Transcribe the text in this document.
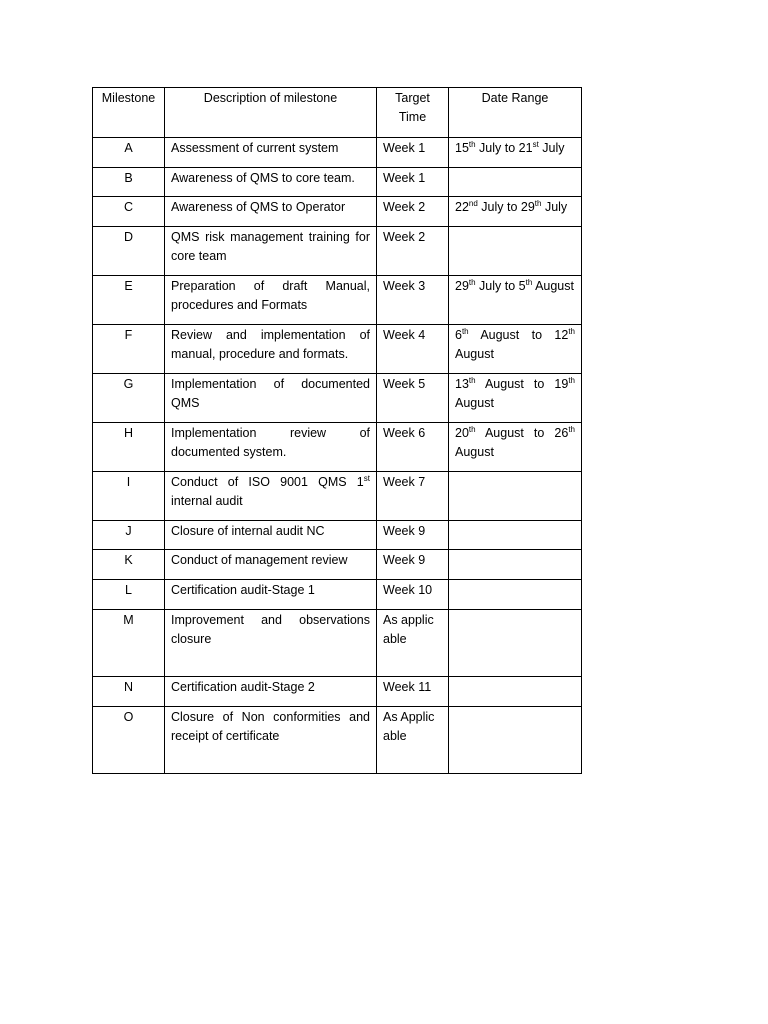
Milestone	Description of milestone	Target Time	Date Range
A	Assessment of current system	Week 1	15th July to 21st July

B	Awareness of QMS to core team.	Week 1	

C	Awareness of QMS to Operator	Week 2	22nd July to 29th July

D	QMS risk management training for core team	Week 2	

E	Preparation of draft Manual, procedures and Formats	Week 3	29th July to 5th August

F	Review and implementation of manual, procedure and formats.	Week 4	6th August to 12th August

G	Implementation of documented QMS	Week 5	13th August to 19th August

H	Implementation review of documented system.	Week 6	20th August to 26th August

I	Conduct of ISO 9001 QMS 1st internal audit	Week 7	

J	Closure of internal audit NC	Week 9	

K	Conduct of management review	Week 9	

L	Certification audit-Stage 1	Week 10	

M	Improvement and observations closure	As applicable	

N	Certification audit-Stage 2	Week 11	

O	Closure of Non conformities and receipt of certificate	As Applicable	
